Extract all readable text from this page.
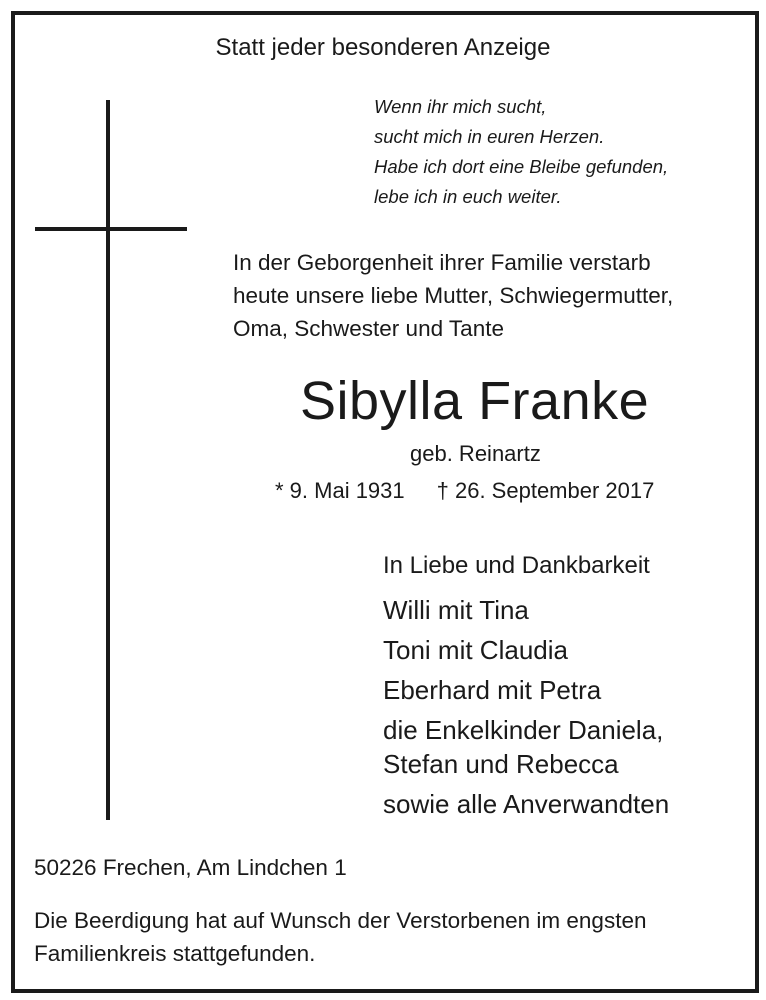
Statt jeder besonderen Anzeige
Wenn ihr mich sucht,
sucht mich in euren Herzen.
Habe ich dort eine Bleibe gefunden,
lebe ich in euch weiter.
In der Geborgenheit ihrer Familie verstarb
heute unsere liebe Mutter, Schwiegermutter,
Oma, Schwester und Tante
Sibylla Franke
geb. Reinartz
* 9. Mai 1931 † 26. September 2017
In Liebe und Dankbarkeit
Willi mit Tina
Toni mit Claudia
Eberhard mit Petra
die Enkelkinder Daniela,
Stefan und Rebecca
sowie alle Anverwandten
50226 Frechen, Am Lindchen 1
Die Beerdigung hat auf Wunsch der Verstorbenen im engsten
Familienkreis stattgefunden.
